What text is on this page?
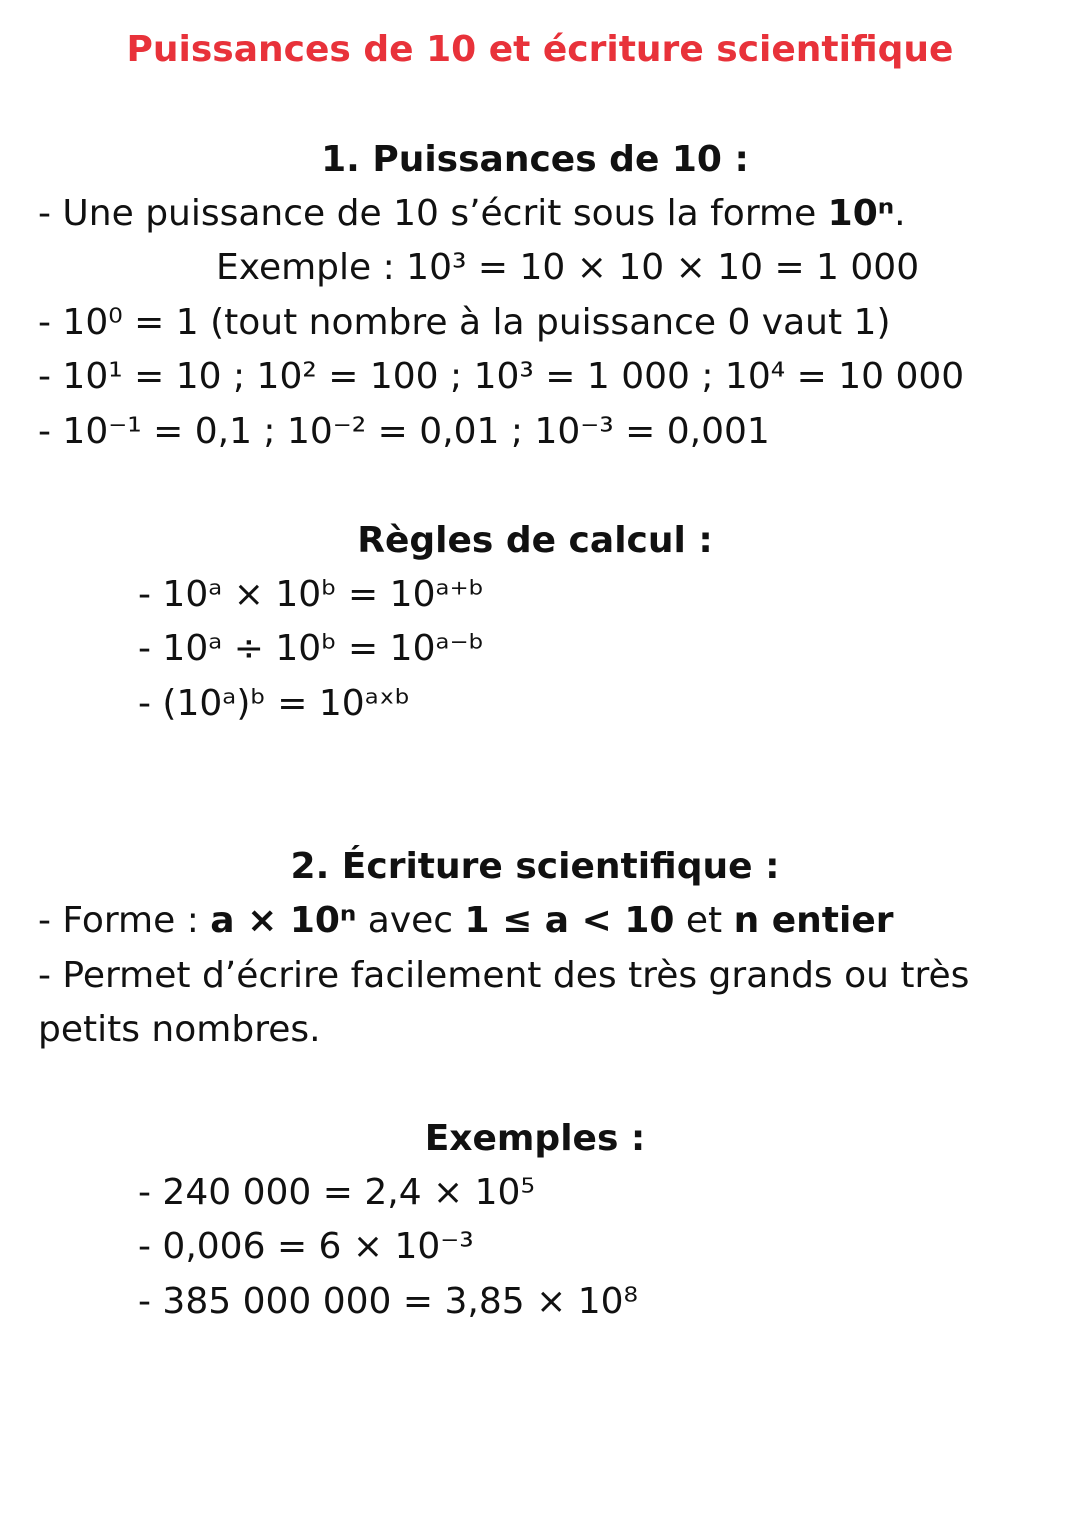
Puissances de 10 et écriture scientifique
1. Puissances de 10 :
- Une puissance de 10 s’écrit sous la forme 10ⁿ.
Exemple : 10³ = 10 × 10 × 10 = 1 000
- 10⁰ = 1 (tout nombre à la puissance 0 vaut 1)
- 10¹ = 10 ; 10² = 100 ; 10³ = 1 000 ; 10⁴ = 10 000
- 10⁻¹ = 0,1 ; 10⁻² = 0,01 ; 10⁻³ = 0,001
Règles de calcul :
- 10ᵃ × 10ᵇ = 10ᵃ⁺ᵇ
- 10ᵃ ÷ 10ᵇ = 10ᵃ⁻ᵇ
- (10ᵃ)ᵇ = 10ᵃˣᵇ
2. Écriture scientifique :
- Forme : a × 10ⁿ avec 1 ≤ a < 10 et n entier
- Permet d’écrire facilement des très grands ou très
petits nombres.
Exemples :
- 240 000 = 2,4 × 10⁵
- 0,006 = 6 × 10⁻³
- 385 000 000 = 3,85 × 10⁸
